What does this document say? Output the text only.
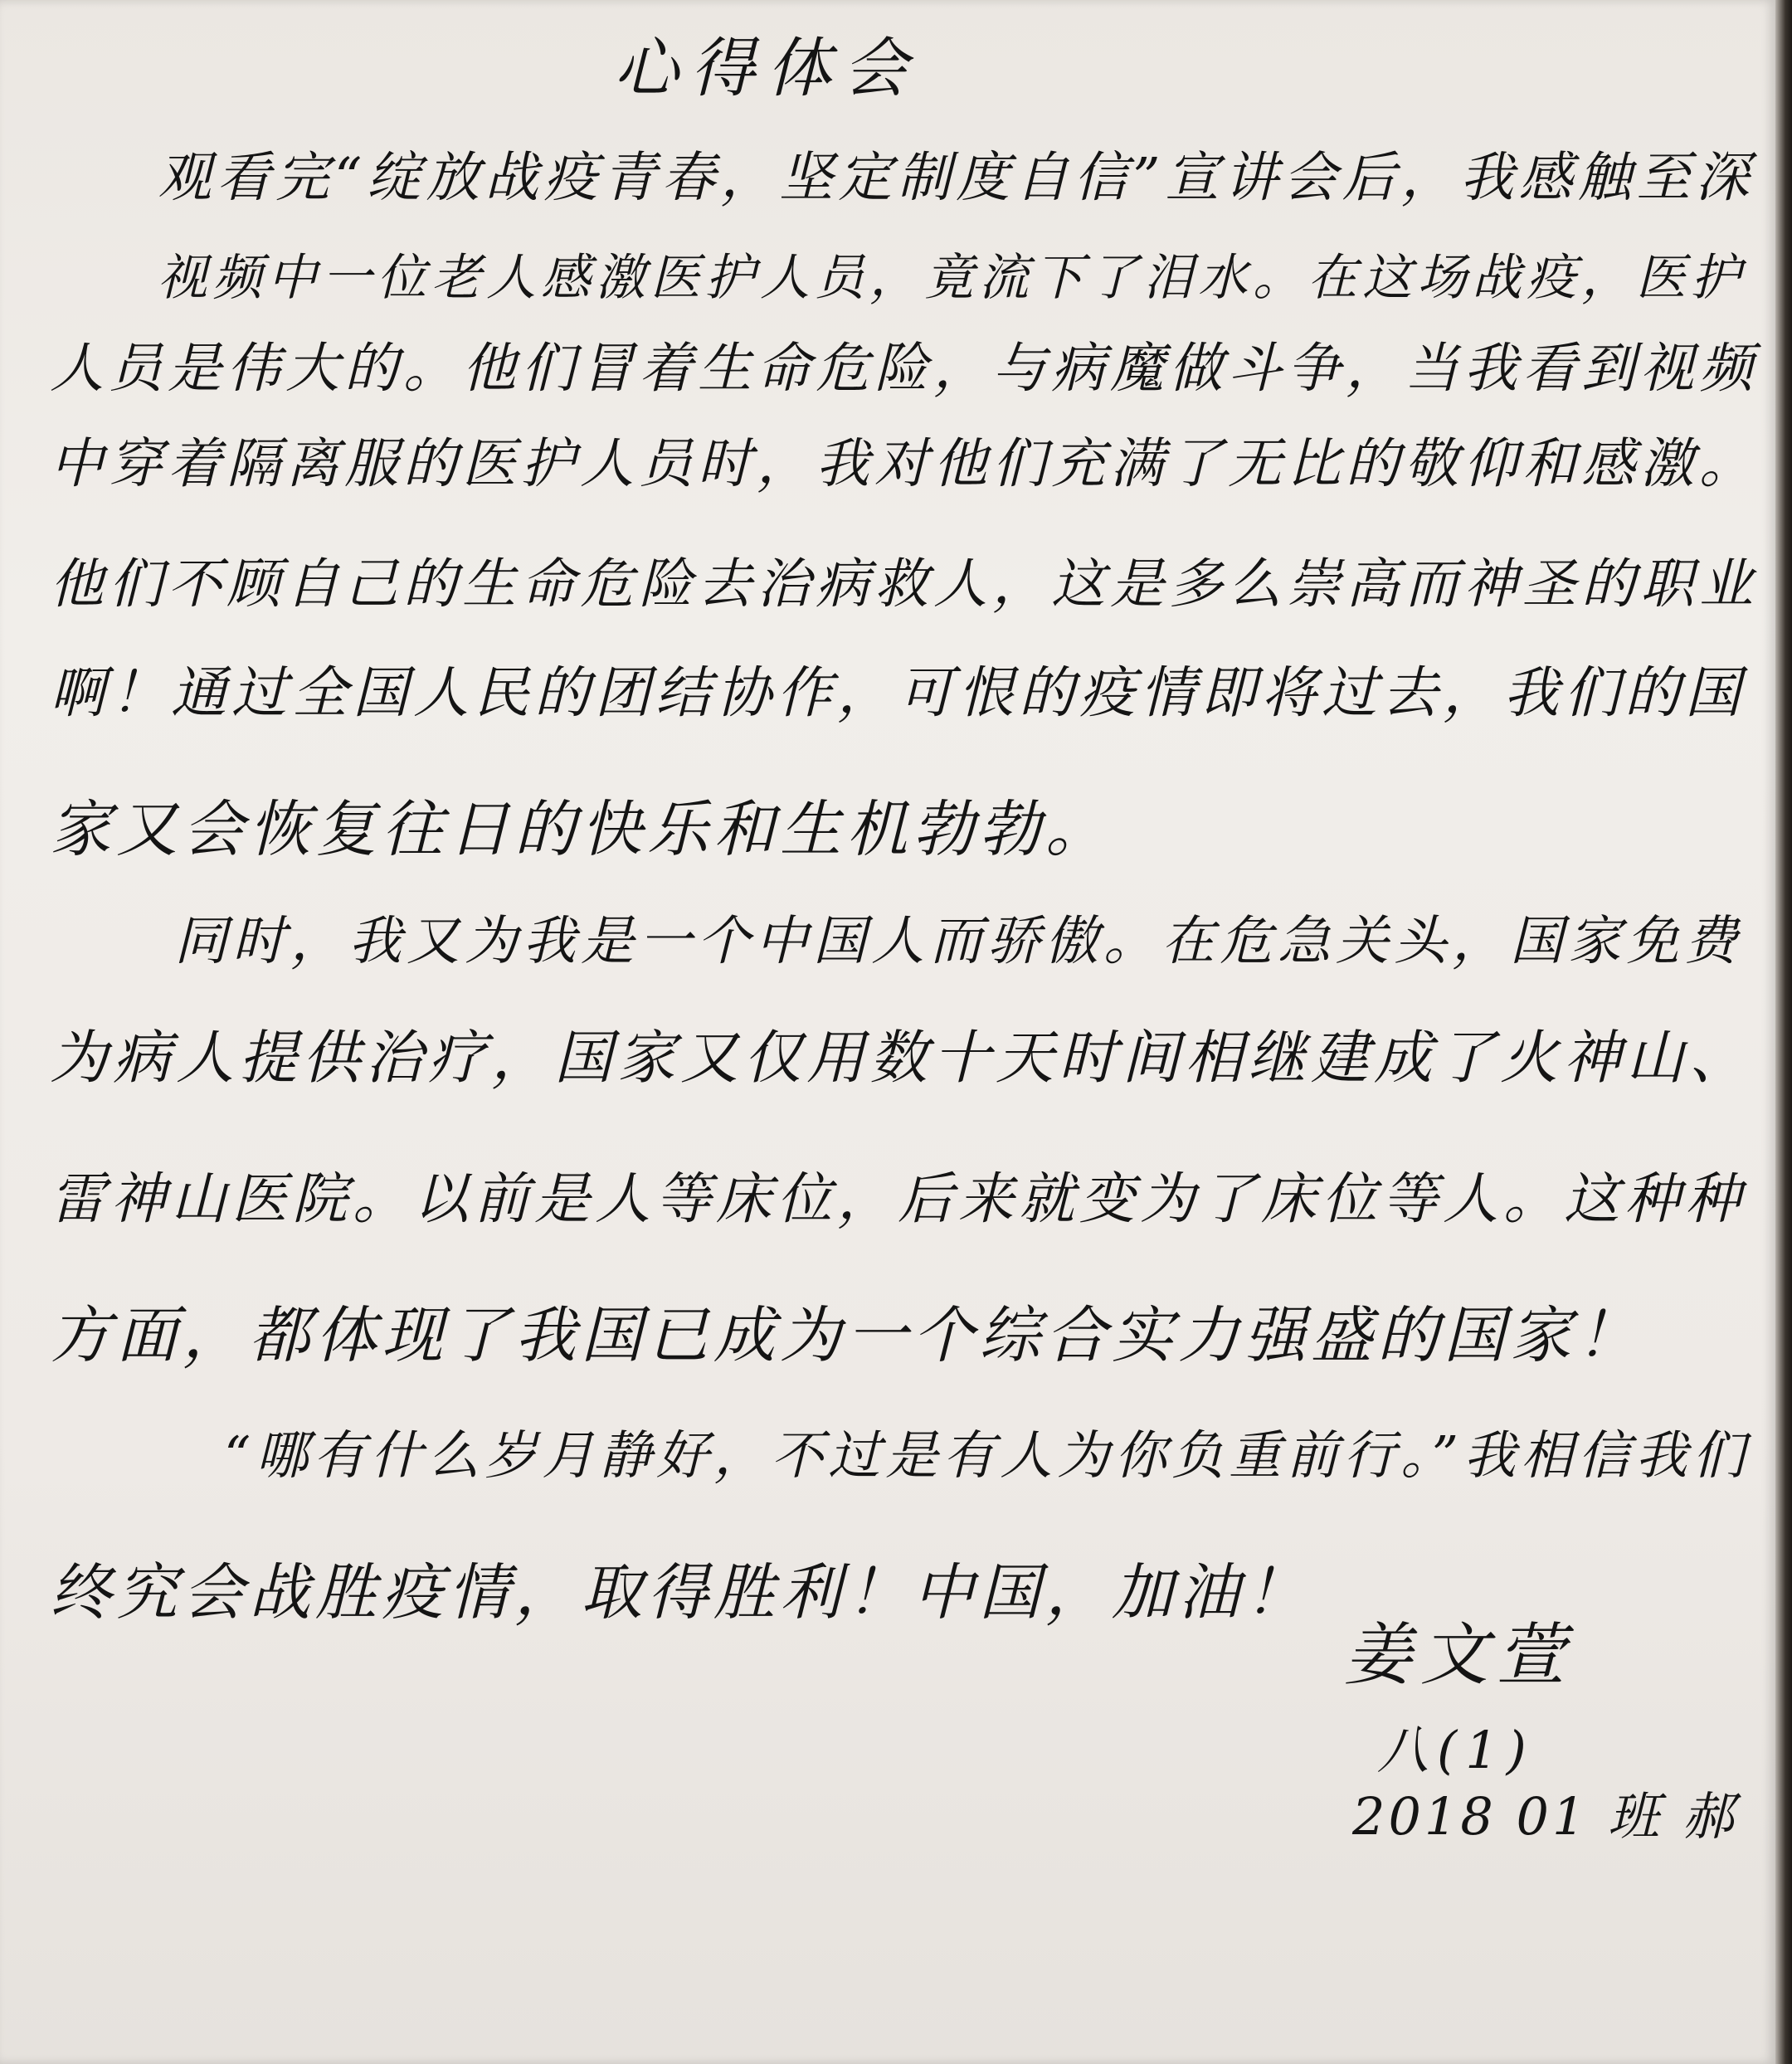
心得体会
观看完“绽放战疫青春，坚定制度自信”宣讲会后，我感触至深
视频中一位老人感激医护人员，竟流下了泪水。在这场战疫，医护
人员是伟大的。他们冒着生命危险，与病魔做斗争，当我看到视频
中穿着隔离服的医护人员时，我对他们充满了无比的敬仰和感激。
他们不顾自己的生命危险去治病救人，这是多么崇高而神圣的职业
啊！通过全国人民的团结协作，可恨的疫情即将过去，我们的国
家又会恢复往日的快乐和生机勃勃。
同时，我又为我是一个中国人而骄傲。在危急关头，国家免费
为病人提供治疗，国家又仅用数十天时间相继建成了火神山、
雷神山医院。以前是人等床位，后来就变为了床位等人。这种种
方面，都体现了我国已成为一个综合实力强盛的国家！
“哪有什么岁月静好，不过是有人为你负重前行。”我相信我们
终究会战胜疫情，取得胜利！中国，加油！
姜文萱
八(1)
2018 01 班 郝
